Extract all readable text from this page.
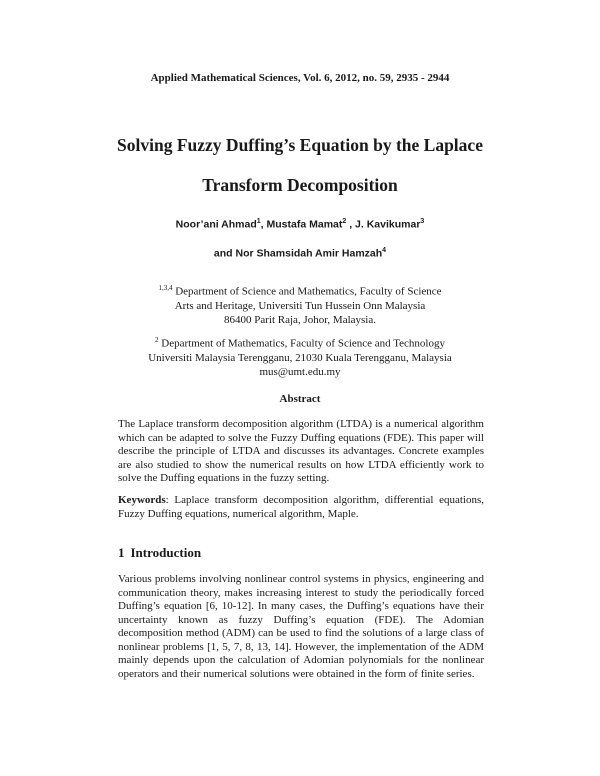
Applied Mathematical Sciences, Vol. 6, 2012, no. 59, 2935 - 2944
Solving Fuzzy Duffing’s Equation by the Laplace
Transform Decomposition
Noor’ani Ahmad$^1$, Mustafa Mamat$^2$ , J. Kavikumar$^3$
and Nor Shamsidah Amir Hamzah$^4$
$^{1,3,4}$ Department of Science and Mathematics, Faculty of Science
Arts and Heritage, Universiti Tun Hussein Onn Malaysia
86400 Parit Raja, Johor, Malaysia.
$^2$ Department of Mathematics, Faculty of Science and Technology
Universiti Malaysia Terengganu, 21030 Kuala Terengganu, Malaysia
mus@umt.edu.my
Abstract
The Laplace transform decomposition algorithm (LTDA) is a numerical algorithm which can be adapted to solve the Fuzzy Duffing equations (FDE). This paper will describe the principle of LTDA and discusses its advantages. Concrete examples are also studied to show the numerical results on how LTDA efficiently work to solve the Duffing equations in the fuzzy setting.
Keywords: Laplace transform decomposition algorithm, differential equations, Fuzzy Duffing equations, numerical algorithm, Maple.
1 Introduction
Various problems involving nonlinear control systems in physics, engineering and communication theory, makes increasing interest to study the periodically forced Duffing’s equation [6, 10-12]. In many cases, the Duffing’s equations have their uncertainty known as fuzzy Duffing’s equation (FDE). The Adomian decomposition method (ADM) can be used to find the solutions of a large class of nonlinear problems [1, 5, 7, 8, 13, 14]. However, the implementation of the ADM mainly depends upon the calculation of Adomian polynomials for the nonlinear operators and their numerical solutions were obtained in the form of finite series.
